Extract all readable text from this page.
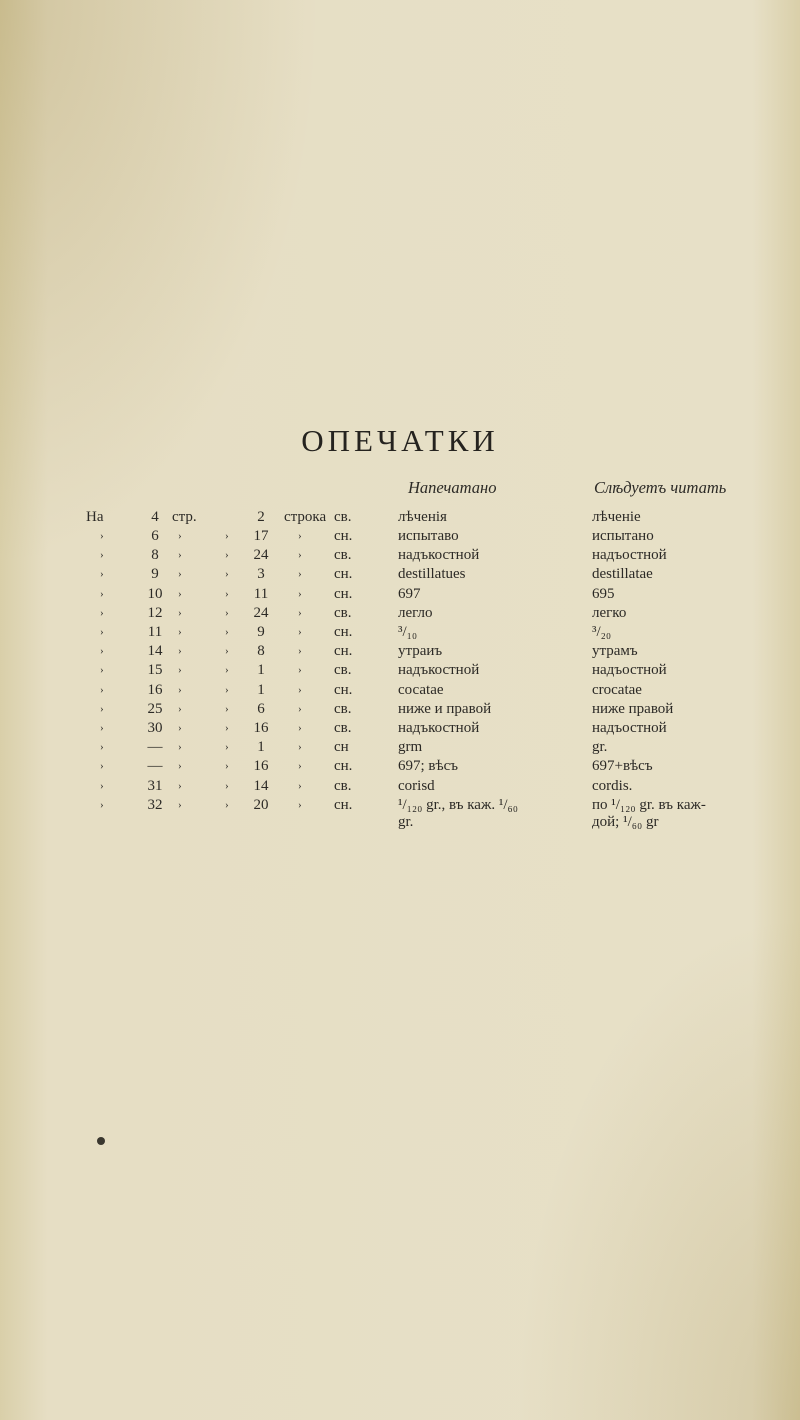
ОПЕЧАТКИ
Напечатано	Слѣдуетъ читать
На	4 стр.	2	строка св.	лѣченія	лѣченіе
›	6	›	›	17	› сн.	испытаво	испытано
›	8	›	›	24	› св.	надъкостной	надъостной
›	9	›	›	3	› сн.	destillatues	destillatae
›	10	›	›	11	› сн.	697	695
›	12	›	›	24	› св.	легло	легко
›	11	›	›	9	› сн.	³/₁₀	³/₂₀
›	14	›	›	8	› сн.	утраиъ	утрамъ
›	15	›	›	1	› св.	надъкостной	надъостной
›	16	›	›	1	› сн.	сосаtae	crocatae
›	25	›	›	6	› св.	ниже и правой	ниже правой
›	30	›	›	16	› св.	надъкостной	надъостной
›	—	›	›	1	› сн	grm	gr.
›	—	›	›	16	› сн.	697; вѣсъ	697+вѣсъ
›	31	›	›	14	› св.	corisd	cordis.
›	32	›	›	20	› сн.	¹/₁₂₀ gr., въ каж. ¹/₆₀	по ¹/₁₂₀ gr. въ каж-
gr.	дой; ¹/₆₀ gr
